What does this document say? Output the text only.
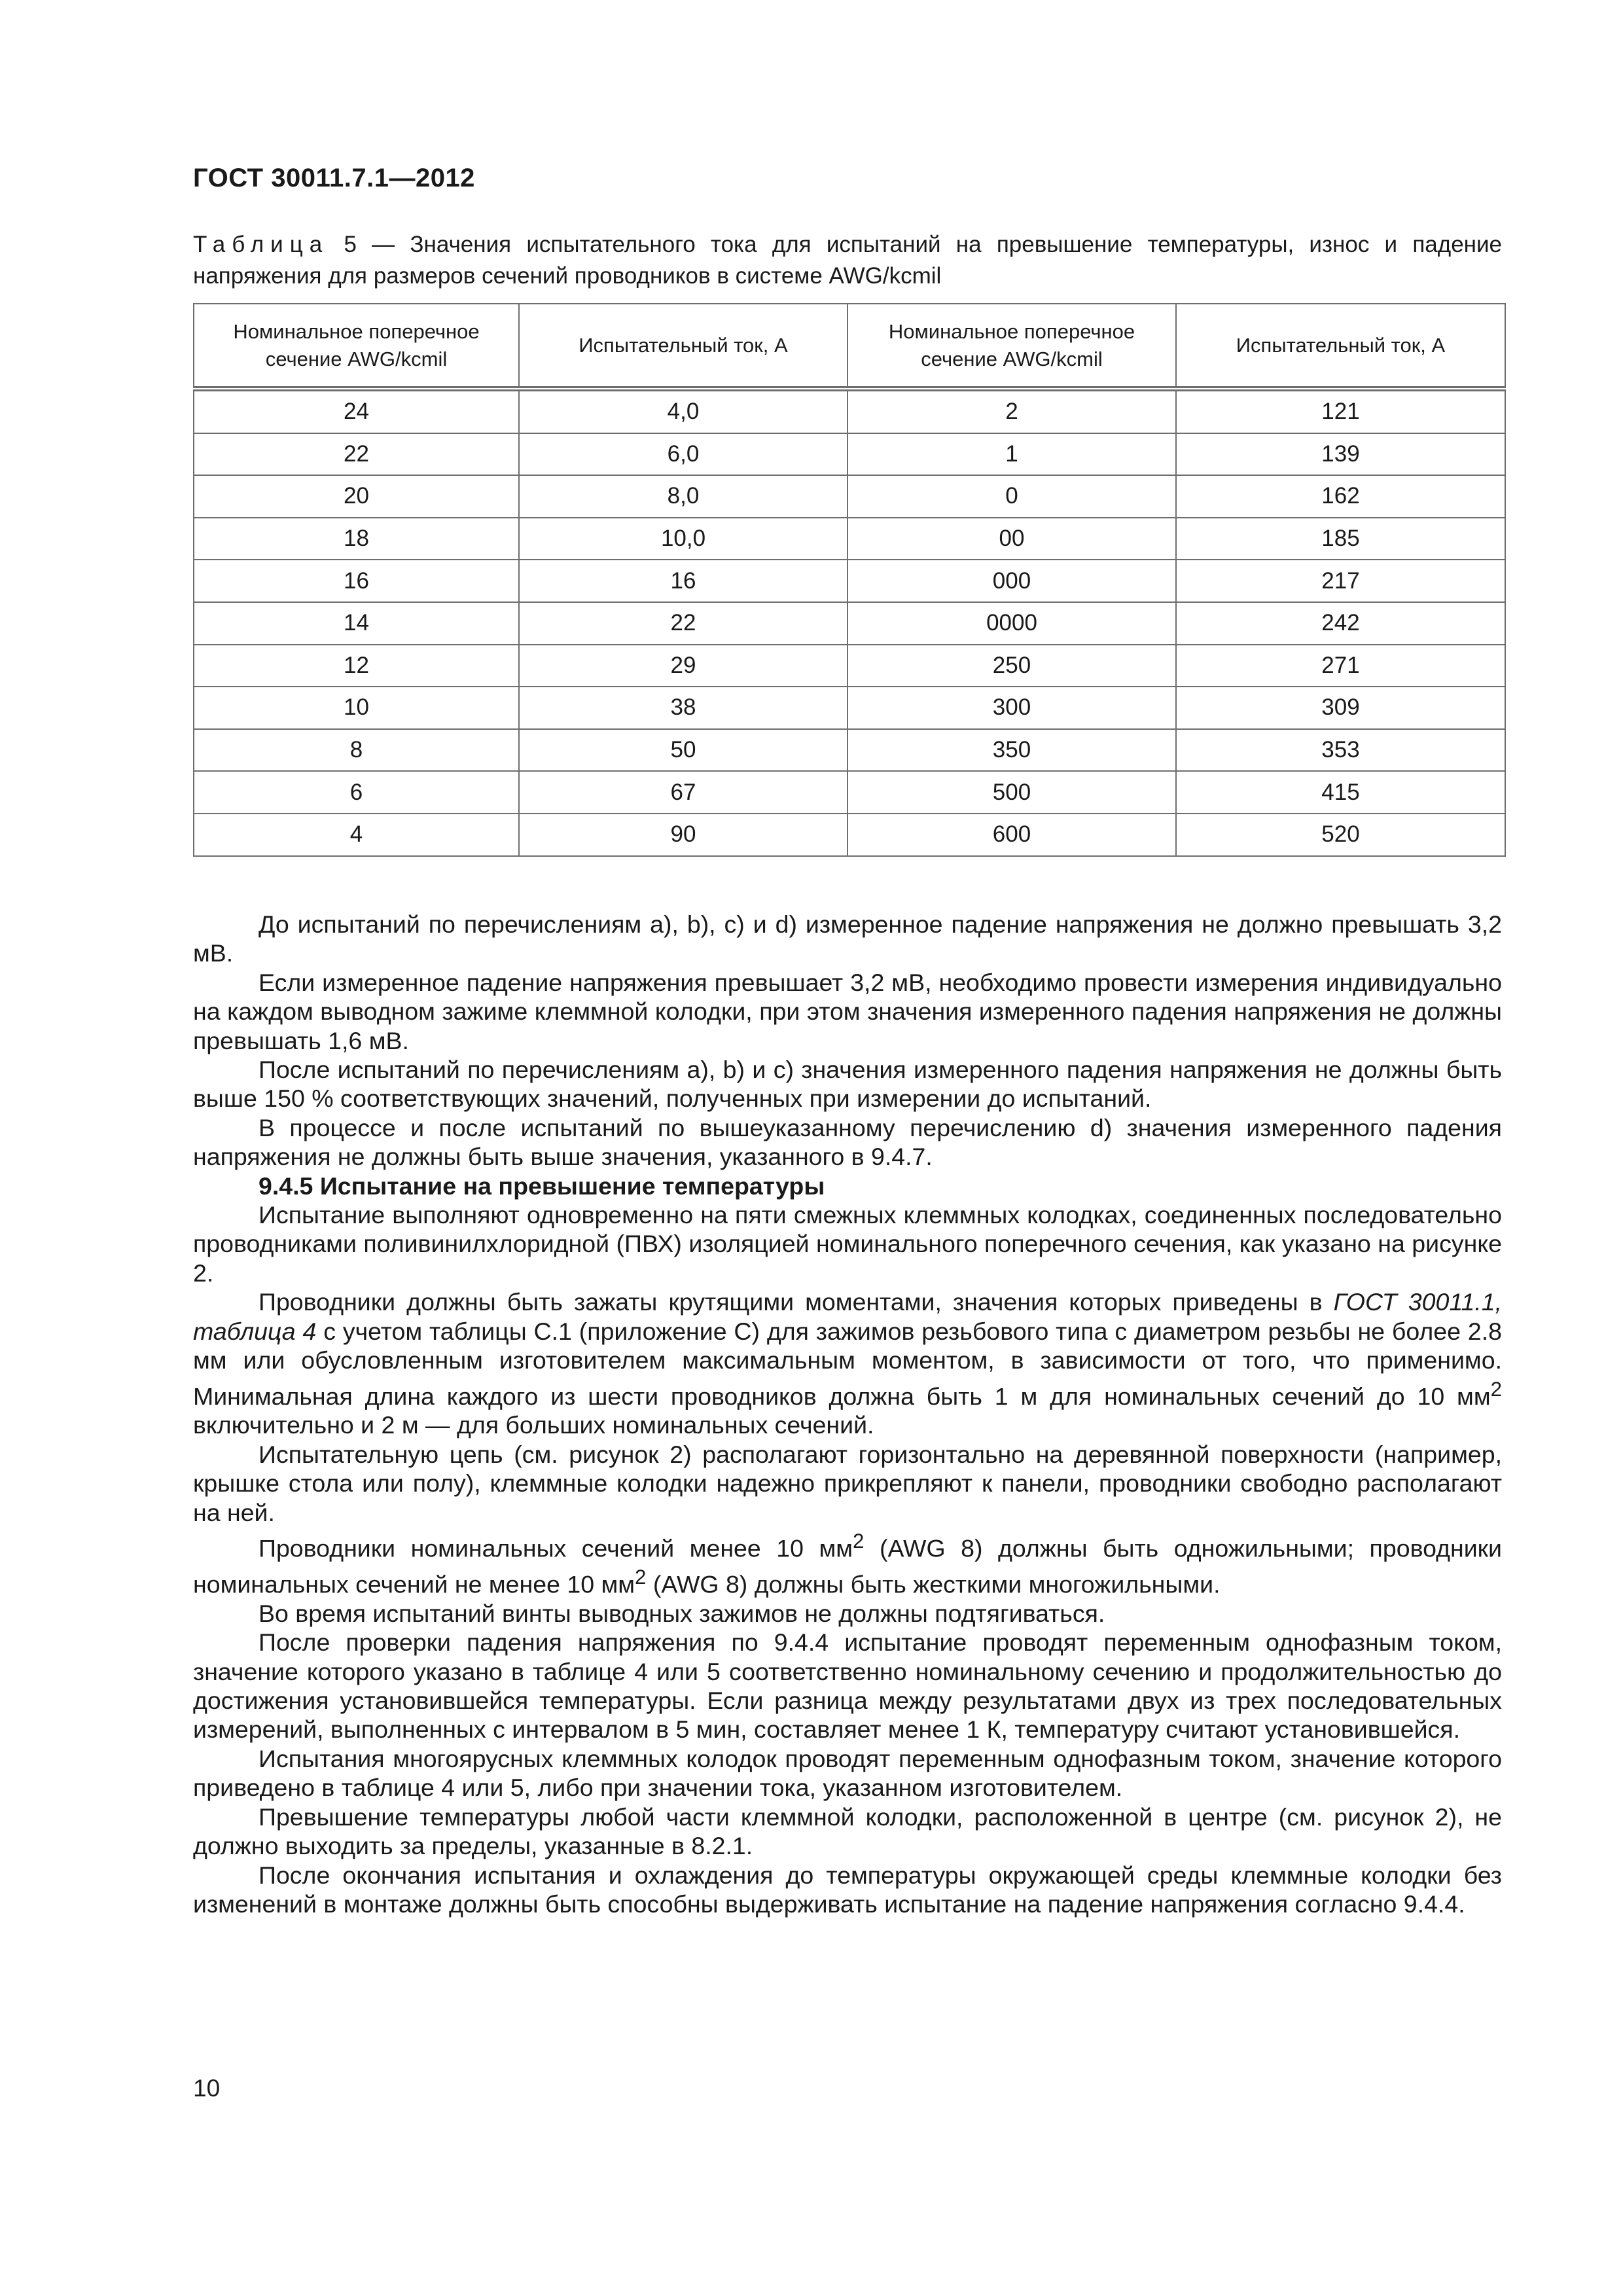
ГОСТ 30011.7.1—2012
Таблица 5 — Значения испытательного тока для испытаний на превышение температуры, износ и падение напряжения для размеров сечений проводников в системе AWG/kcmil
Номинальное поперечное сечение AWG/kcmil	Испытательный ток, А	Номинальное поперечное сечение AWG/kcmil	Испытательный ток, А
24	4,0	2	121
22	6,0	1	139
20	8,0	0	162
18	10,0	00	185
16	16	000	217
14	22	0000	242
12	29	250	271
10	38	300	309
8	50	350	353
6	67	500	415
4	90	600	520

До испытаний по перечислениям a), b), c) и d) измеренное падение напряжения не должно превышать 3,2 мВ.

Если измеренное падение напряжения превышает 3,2 мВ, необходимо провести измерения индивидуально на каждом выводном зажиме клеммной колодки, при этом значения измеренного падения напряжения не должны превышать 1,6 мВ.

После испытаний по перечислениям a), b) и c) значения измеренного падения напряжения не должны быть выше 150 % соответствующих значений, полученных при измерении до испытаний.

В процессе и после испытаний по вышеуказанному перечислению d) значения измеренного падения напряжения не должны быть выше значения, указанного в 9.4.7.

9.4.5 Испытание на превышение температуры

Испытание выполняют одновременно на пяти смежных клеммных колодках, соединенных последовательно проводниками поливинилхлоридной (ПВХ) изоляцией номинального поперечного сечения, как указано на рисунке 2.

Проводники должны быть зажаты крутящими моментами, значения которых приведены в ГОСТ 30011.1, таблица 4 с учетом таблицы С.1 (приложение С) для зажимов резьбового типа с диаметром резьбы не более 2.8 мм или обусловленным изготовителем максимальным моментом, в зависимости от того, что применимо. Минимальная длина каждого из шести проводников должна быть 1 м для номинальных сечений до 10 $мм^2$ включительно и 2 м — для больших номинальных сечений.

Испытательную цепь (см. рисунок 2) располагают горизонтально на деревянной поверхности (например, крышке стола или полу), клеммные колодки надежно прикрепляют к панели, проводники свободно располагают на ней.

Проводники номинальных сечений менее 10 $мм^2$ (AWG 8) должны быть одножильными; проводники номинальных сечений не менее 10 $мм^2$ (AWG 8) должны быть жесткими многожильными.

Во время испытаний винты выводных зажимов не должны подтягиваться.

После проверки падения напряжения по 9.4.4 испытание проводят переменным однофазным током, значение которого указано в таблице 4 или 5 соответственно номинальному сечению и продолжительностью до достижения установившейся температуры. Если разница между результатами двух из трех последовательных измерений, выполненных с интервалом в 5 мин, составляет менее 1 К, температуру считают установившейся.

Испытания многоярусных клеммных колодок проводят переменным однофазным током, значение которого приведено в таблице 4 или 5, либо при значении тока, указанном изготовителем.

Превышение температуры любой части клеммной колодки, расположенной в центре (см. рисунок 2), не должно выходить за пределы, указанные в 8.2.1.

После окончания испытания и охлаждения до температуры окружающей среды клеммные колодки без изменений в монтаже должны быть способны выдерживать испытание на падение напряжения согласно 9.4.4.

10
